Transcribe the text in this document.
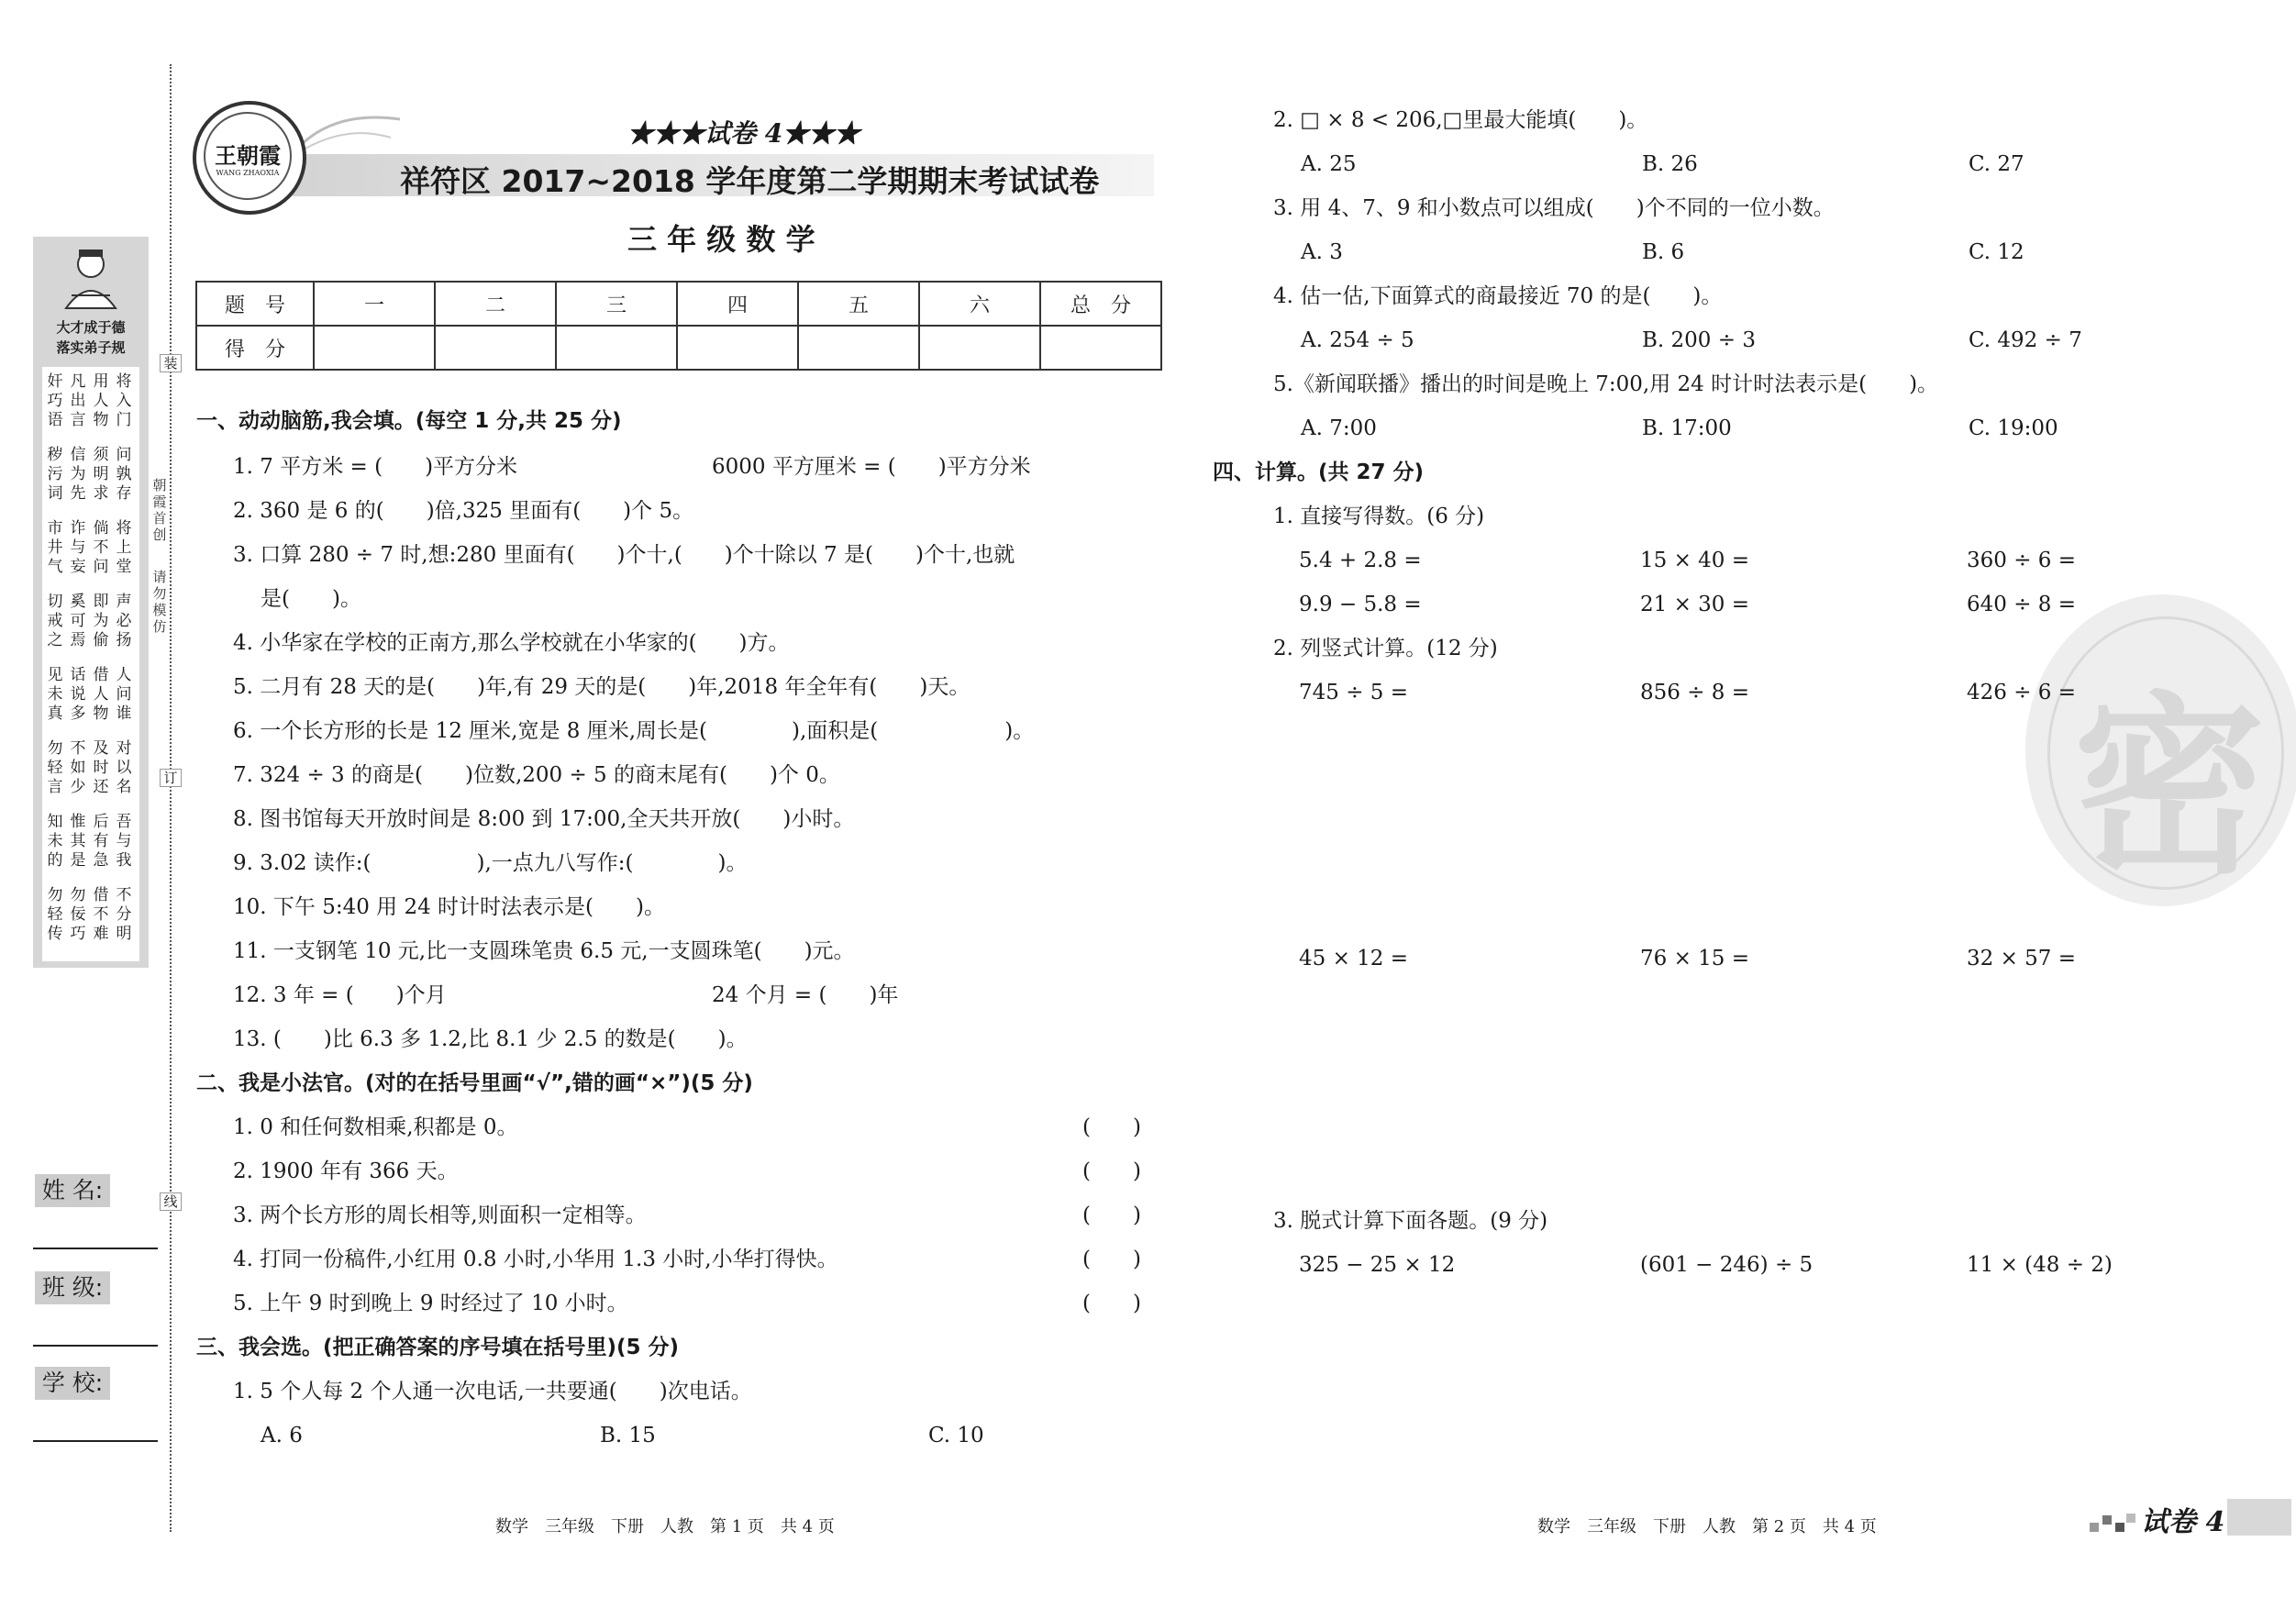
大才成于德
落实弟子规
奸巧语
凡出言
用人物
将入门
秽污词
信为先
须明求
问孰存
市井气
诈与妄
倘不问
将上堂
切戒之
奚可焉
即为偷
声必扬
见未真
话说多
借人物
人问谁
勿轻言
不如少
及时还
对以名
知未的
惟其是
后有急
吾与我
勿轻传
勿佞巧
借不难
不分明
装
订
线
朝霞首创
请勿模仿
姓 名:
班 级:
学 校:
王朝霞
WANG ZHAOXIA
★★★试卷 4★★★
祥符区 2017~2018 学年度第二学期期末考试试卷
三 年 级 数 学
题　号	一	二	三	四	五	六	总　分
得　分							
一、动动脑筋,我会填。(每空 1 分,共 25 分)
1. 7 平方米 = (　　)平方分米	6000 平方厘米 = (　　)平方分米
2. 360 是 6 的(　　)倍,325 里面有(　　)个 5。
3. 口算 280 ÷ 7 时,想:280 里面有(　　)个十,(　　)个十除以 7 是(　　)个十,也就
是(　　)。
4. 小华家在学校的正南方,那么学校就在小华家的(　　)方。
5. 二月有 28 天的是(　　)年,有 29 天的是(　　)年,2018 年全年有(　　)天。
6. 一个长方形的长是 12 厘米,宽是 8 厘米,周长是(　　　　),面积是(　　　　　　)。
7. 324 ÷ 3 的商是(　　)位数,200 ÷ 5 的商末尾有(　　)个 0。
8. 图书馆每天开放时间是 8:00 到 17:00,全天共开放(　　)小时。
9. 3.02 读作:(　　　　　),一点九八写作:(　　　　)。
10. 下午 5:40 用 24 时计时法表示是(　　)。
11. 一支钢笔 10 元,比一支圆珠笔贵 6.5 元,一支圆珠笔(　　)元。
12. 3 年 = (　　)个月	24 个月 = (　　)年
13. (　　)比 6.3 多 1.2,比 8.1 少 2.5 的数是(　　)。
二、我是小法官。(对的在括号里画“√”,错的画“×”)(5 分)
1. 0 和任何数相乘,积都是 0。	(　　)
2. 1900 年有 366 天。	(　　)
3. 两个长方形的周长相等,则面积一定相等。	(　　)
4. 打同一份稿件,小红用 0.8 小时,小华用 1.3 小时,小华打得快。	(　　)
5. 上午 9 时到晚上 9 时经过了 10 小时。	(　　)
三、我会选。(把正确答案的序号填在括号里)(5 分)
1. 5 个人每 2 个人通一次电话,一共要通(　　)次电话。
A. 6	B. 15	C. 10
数学　三年级　下册　人教　第 1 页　共 4 页
2. □ × 8 < 206,□里最大能填(　　)。
A. 25	B. 26	C. 27
3. 用 4、7、9 和小数点可以组成(　　)个不同的一位小数。
A. 3	B. 6	C. 12
4. 估一估,下面算式的商最接近 70 的是(　　)。
A. 254 ÷ 5	B. 200 ÷ 3	C. 492 ÷ 7
5.《新闻联播》播出的时间是晚上 7:00,用 24 时计时法表示是(　　)。
A. 7:00	B. 17:00	C. 19:00
四、计算。(共 27 分)
1. 直接写得数。(6 分)
5.4 + 2.8 =	15 × 40 =	360 ÷ 6 =
9.9 − 5.8 =	21 × 30 =	640 ÷ 8 =
2. 列竖式计算。(12 分)
密
745 ÷ 5 =	856 ÷ 8 =	426 ÷ 6 =
45 × 12 =	76 × 15 =	32 × 57 =
3. 脱式计算下面各题。(9 分)
325 − 25 × 12	(601 − 246) ÷ 5	11 × (48 ÷ 2)
数学　三年级　下册　人教　第 2 页　共 4 页	试卷 4
